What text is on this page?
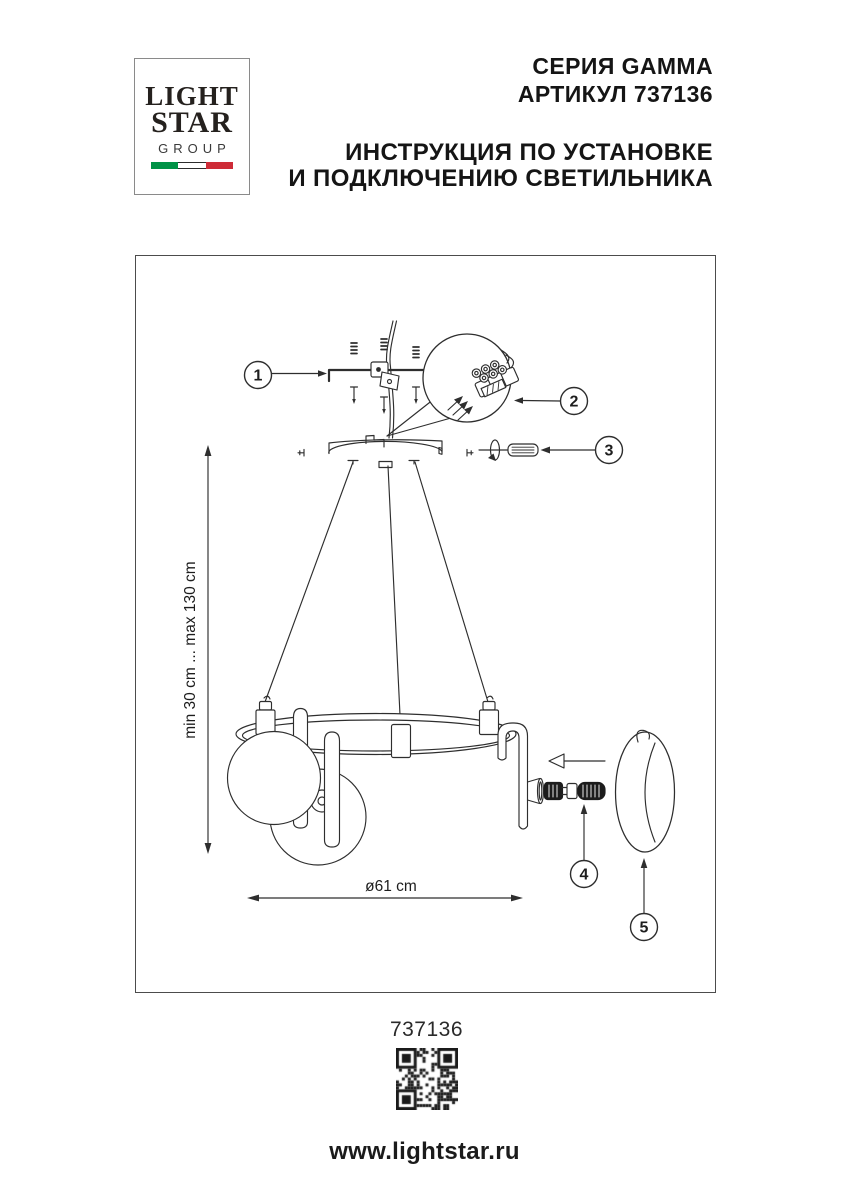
LIGHT
STAR
GROUP
СЕРИЯ GAMMA
АРТИКУЛ 737136
ИНСТРУКЦИЯ ПО УСТАНОВКЕ
И ПОДКЛЮЧЕНИЮ СВЕТИЛЬНИКА
1
2
3
min 30 cm ... max 130 cm
4
5
ø61 cm
737136
www.lightstar.ru
